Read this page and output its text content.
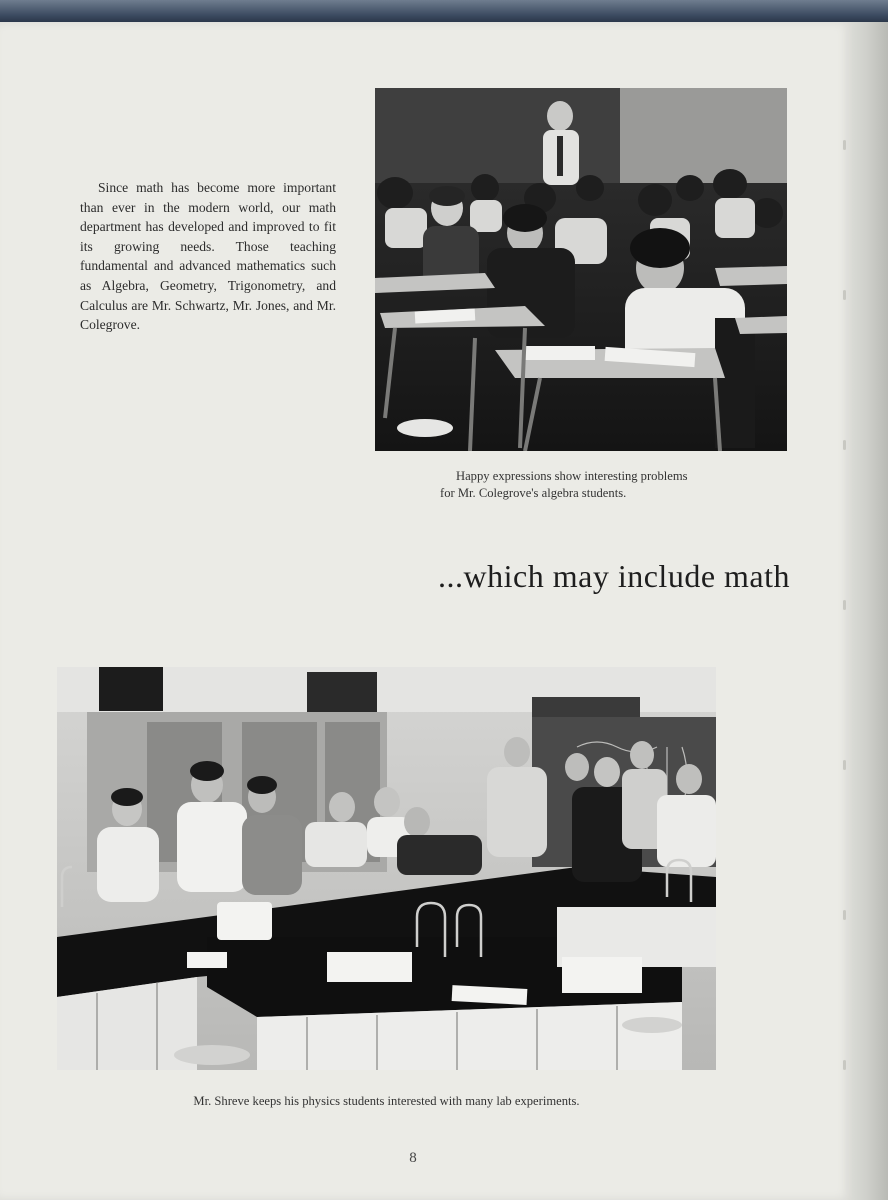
Since math has become more important than ever in the modern world, our math department has developed and improved to fit its growing needs. Those teaching fundamental and advanced mathematics such as Algebra, Geometry, Trigonometry, and Calculus are Mr. Schwartz, Mr. Jones, and Mr. Colegrove.
Happy expressions show interesting problems
for Mr. Colegrove's algebra students.
...which may include math
Mr. Shreve keeps his physics students interested with many lab experiments.
8
